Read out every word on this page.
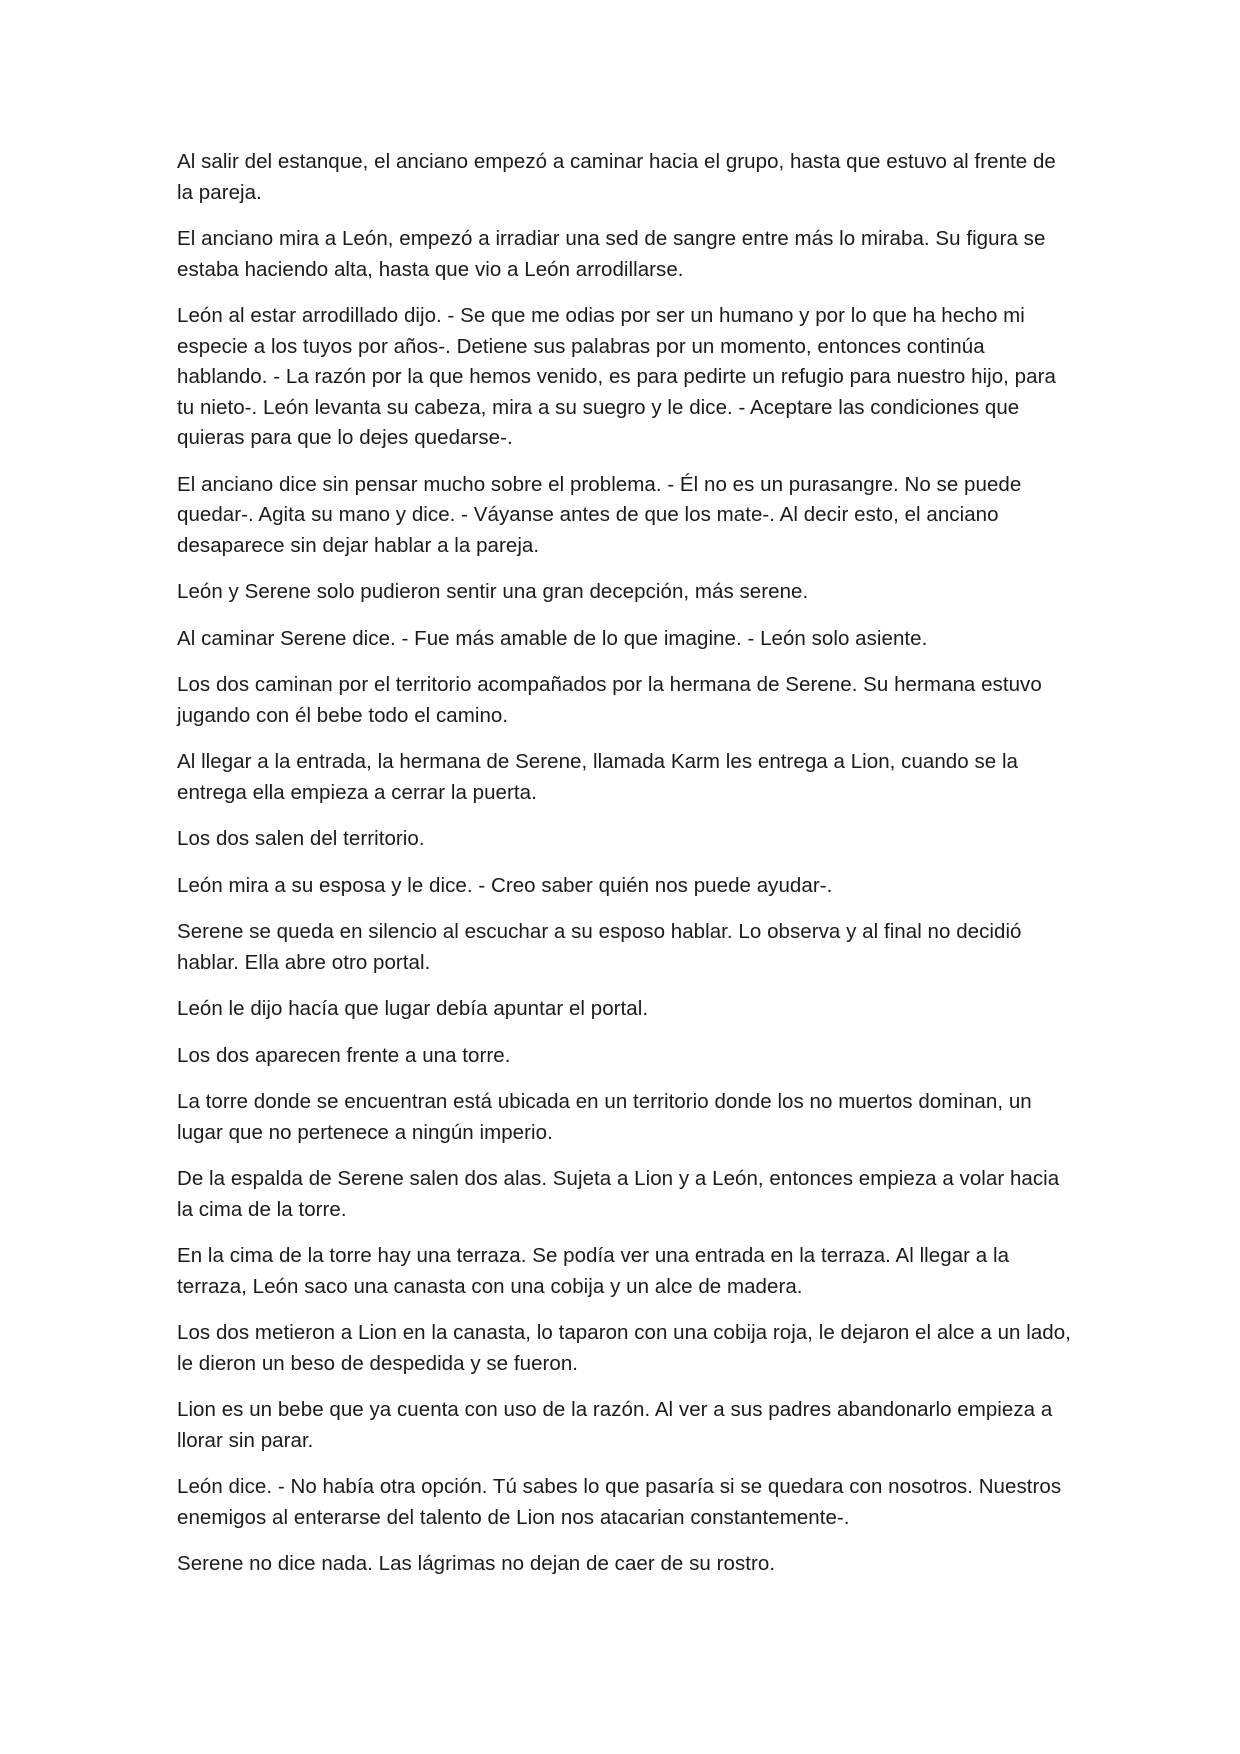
Al salir del estanque, el anciano empezó a caminar hacia el grupo, hasta que estuvo al frente de la pareja.

El anciano mira a León, empezó a irradiar una sed de sangre entre más lo miraba. Su figura se estaba haciendo alta, hasta que vio a León arrodillarse.

León al estar arrodillado dijo. - Se que me odias por ser un humano y por lo que ha hecho mi especie a los tuyos por años-. Detiene sus palabras por un momento, entonces continúa hablando. - La razón por la que hemos venido, es para pedirte un refugio para nuestro hijo, para tu nieto-. León levanta su cabeza, mira a su suegro y le dice. - Aceptare las condiciones que quieras para que lo dejes quedarse-.

El anciano dice sin pensar mucho sobre el problema. - Él no es un purasangre. No se puede quedar-. Agita su mano y dice. - Váyanse antes de que los mate-. Al decir esto, el anciano desaparece sin dejar hablar a la pareja.

León y Serene solo pudieron sentir una gran decepción, más serene.

Al caminar Serene dice. - Fue más amable de lo que imagine. - León solo asiente.

Los dos caminan por el territorio acompañados por la hermana de Serene. Su hermana estuvo jugando con él bebe todo el camino.

Al llegar a la entrada, la hermana de Serene, llamada Karm les entrega a Lion, cuando se la entrega ella empieza a cerrar la puerta.

Los dos salen del territorio.

León mira a su esposa y le dice. - Creo saber quién nos puede ayudar-.

Serene se queda en silencio al escuchar a su esposo hablar. Lo observa y al final no decidió hablar. Ella abre otro portal.

León le dijo hacía que lugar debía apuntar el portal.

Los dos aparecen frente a una torre.

La torre donde se encuentran está ubicada en un territorio donde los no muertos dominan, un lugar que no pertenece a ningún imperio.

De la espalda de Serene salen dos alas. Sujeta a Lion y a León, entonces empieza a volar hacia la cima de la torre.

En la cima de la torre hay una terraza. Se podía ver una entrada en la terraza. Al llegar a la terraza, León saco una canasta con una cobija y un alce de madera.

Los dos metieron a Lion en la canasta, lo taparon con una cobija roja, le dejaron el alce a un lado, le dieron un beso de despedida y se fueron.

Lion es un bebe que ya cuenta con uso de la razón. Al ver a sus padres abandonarlo empieza a llorar sin parar.

León dice. - No había otra opción. Tú sabes lo que pasaría si se quedara con nosotros. Nuestros enemigos al enterarse del talento de Lion nos atacarian constantemente-.

Serene no dice nada. Las lágrimas no dejan de caer de su rostro.
